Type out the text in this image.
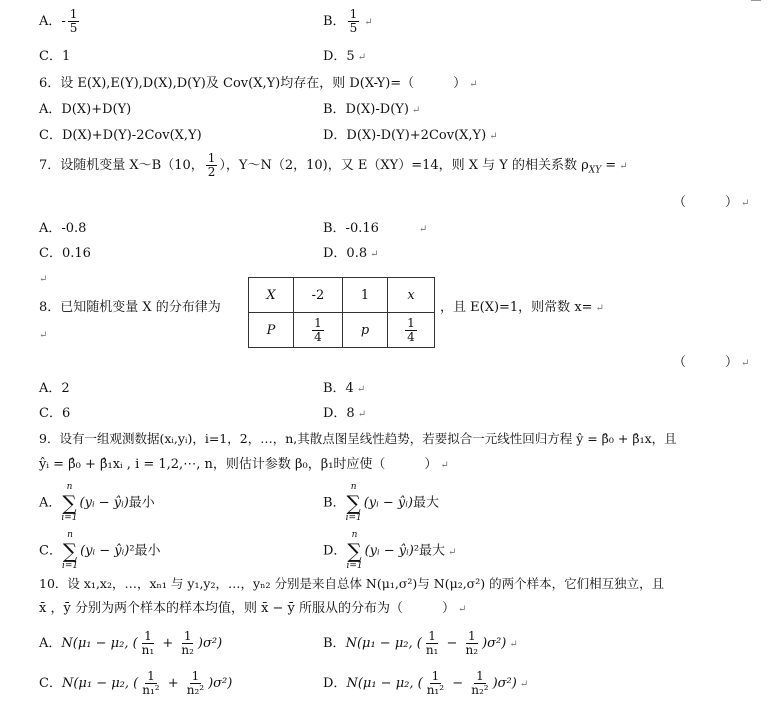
A．- $\frac{1}{5}$	B． $\frac{1}{5}$ ↵
C．1	D．5 ↵
6．设 E(X),E(Y),D(X),D(Y)及 Cov(X,Y)均存在，则 D(X-Y)=（　　　） ↵
A．D(X)+D(Y)	B．D(X)-D(Y) ↵
C．D(X)+D(Y)-2Cov(X,Y)	D．D(X)-D(Y)+2Cov(X,Y) ↵
7．设随机变量 X～B（10， $\frac{1}{2}$ ），Y～N（2，10)，又 E（XY）=14，则 X 与 Y 的相关系数 $\rho_{XY}$ = ↵
（　　　） ↵
A．-0.8	B．-0.16	↵
C．0.16	D．0.8 ↵
↵
8．已知随机变量 X 的分布律为
↵
X	-2	1	x
P	$\frac{1}{4}$	p	$\frac{1}{4}$
，且 E(X)=1，则常数 x= ↵
（　　　） ↵
A．2	B．4 ↵
C．6	D．8 ↵
9．设有一组观测数据(xᵢ,yᵢ)，i=1，2，…，n,其散点图呈线性趋势，若要拟合一元线性回归方程 ŷ = β̂₀ + β̂₁x，且
ŷᵢ = β̂₀ + β̂₁xᵢ , i = 1,2,⋯, n，则估计参数 β₀，β₁时应使（　　　） ↵
A．
n
∑
i=1
(yᵢ − ŷᵢ)最小	B．
n
∑
i=1
(yᵢ − ŷᵢ)最大
C．
n
∑
i=1
(yᵢ − ŷᵢ)²最小	D．
n
∑
i=1
(yᵢ − ŷᵢ)²最大 ↵
10．设 x₁,x₂，…，xₙ₁ 与 y₁,y₂，…，yₙ₂ 分别是来自总体 N(μ₁,σ²)与 N(μ₂,σ²) 的两个样本，它们相互独立，且
x̄ ，ȳ 分别为两个样本的样本均值，则 x̄ − ȳ 所服从的分布为（　　　） ↵
A．N(μ₁ − μ₂, ( $\frac{1}{\text{n₁}} + \frac{1}{\text{n₂}} )\sigma^2$)	B．N(μ₁ − μ₂, ( $\frac{1}{\text{n₁}} - \frac{1}{\text{n₂}} )\sigma^2$) ↵
C．N(μ₁ − μ₂, ( $\frac{1}{\text{n₁²}} + \frac{1}{\text{n₂²}} )\sigma^2$)	D．N(μ₁ − μ₂, ( $\frac{1}{\text{n₁²}} - \frac{1}{\text{n₂²}} )\sigma^2$) ↵
